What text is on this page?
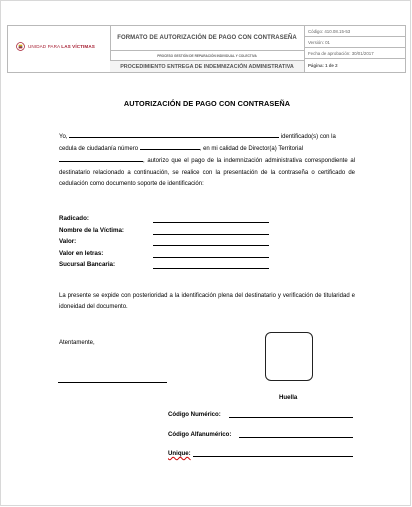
UNIDAD PARA LAS VÍCTIMAS
FORMATO DE AUTORIZACIÓN DE PAGO CON CONTRASEÑA
PROCESO GESTIÓN DE REPARACIÓN INDIVIDUAL Y COLECTIVA
PROCEDIMIENTO ENTREGA DE INDEMNIZACIÓN ADMINISTRATIVA
Código: 410.08.15-53
Versión: 01
Fecha de aprobación: 30/01/2017
Página: 1 de 2
AUTORIZACIÓN DE PAGO CON CONTRASEÑA
Yo,	identificado(s) con la
cedula de ciudadanía número	, en mi calidad de Director(a) Territorial
, autorizo que el pago de la indemnización administrativa correspondiente al destinatario relacionado a continuación, se realice con la presentación de la contraseña o certificado de ceduIación como documento soporte de identificación:
Radicado:
Nombre de la Víctima:
Valor:
Valor en letras:
Sucursal Bancaria:
La presente se expide con posterioridad a la identificación plena del destinatario y verificación de titularidad e idoneidad del documento.
Atentamente,
Huella
Código Numérico:
Código Alfanumérico:
Unique:
